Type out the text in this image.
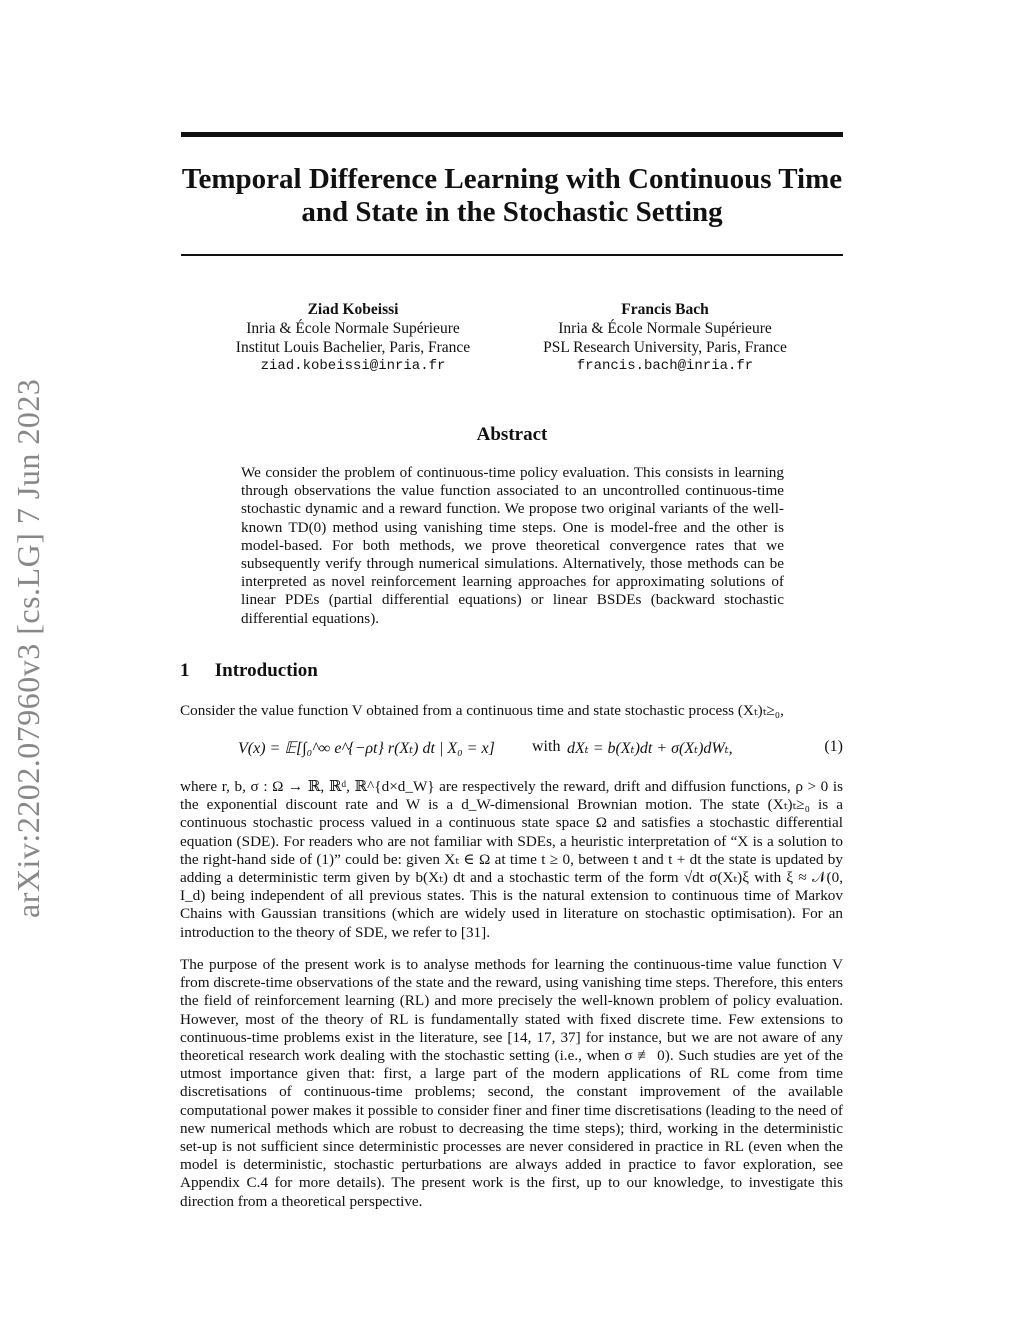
arXiv:2202.07960v3 [cs.LG] 7 Jun 2023
Temporal Difference Learning with Continuous Time
and State in the Stochastic Setting
Ziad Kobeissi
Inria & École Normale Supérieure
Institut Louis Bachelier, Paris, France
ziad.kobeissi@inria.fr
Francis Bach
Inria & École Normale Supérieure
PSL Research University, Paris, France
francis.bach@inria.fr
Abstract
We consider the problem of continuous-time policy evaluation. This consists in learning through observations the value function associated to an uncontrolled continuous-time stochastic dynamic and a reward function. We propose two original variants of the well-known TD(0) method using vanishing time steps. One is model-free and the other is model-based. For both methods, we prove theoretical convergence rates that we subsequently verify through numerical simulations. Alternatively, those methods can be interpreted as novel reinforcement learning approaches for approximating solutions of linear PDEs (partial differential equations) or linear BSDEs (backward stochastic differential equations).
1 Introduction
Consider the value function V obtained from a continuous time and state stochastic process (Xₜ)ₜ≥₀,
V(x) = 𝔼[∫₀^∞ e^{−ρt} r(Xₜ) dt | X₀ = x] with dXₜ = b(Xₜ)dt + σ(Xₜ)dWₜ,	(1)
where r, b, σ : Ω → ℝ, ℝᵈ, ℝ^{d×d_W} are respectively the reward, drift and diffusion functions, ρ > 0 is the exponential discount rate and W is a d_W-dimensional Brownian motion. The state (Xₜ)ₜ≥₀ is a continuous stochastic process valued in a continuous state space Ω and satisfies a stochastic differential equation (SDE). For readers who are not familiar with SDEs, a heuristic interpretation of “X is a solution to the right-hand side of (1)” could be: given Xₜ ∈ Ω at time t ≥ 0, between t and t + dt the state is updated by adding a deterministic term given by b(Xₜ) dt and a stochastic term of the form √dt σ(Xₜ)ξ with ξ ≈ 𝒩(0, I_d) being independent of all previous states. This is the natural extension to continuous time of Markov Chains with Gaussian transitions (which are widely used in literature on stochastic optimisation). For an introduction to the theory of SDE, we refer to [31].
The purpose of the present work is to analyse methods for learning the continuous-time value function V from discrete-time observations of the state and the reward, using vanishing time steps. Therefore, this enters the field of reinforcement learning (RL) and more precisely the well-known problem of policy evaluation. However, most of the theory of RL is fundamentally stated with fixed discrete time. Few extensions to continuous-time problems exist in the literature, see [14, 17, 37] for instance, but we are not aware of any theoretical research work dealing with the stochastic setting (i.e., when σ ≢ 0). Such studies are yet of the utmost importance given that: first, a large part of the modern applications of RL come from time discretisations of continuous-time problems; second, the constant improvement of the available computational power makes it possible to consider finer and finer time discretisations (leading to the need of new numerical methods which are robust to decreasing the time steps); third, working in the deterministic set-up is not sufficient since deterministic processes are never considered in practice in RL (even when the model is deterministic, stochastic perturbations are always added in practice to favor exploration, see Appendix C.4 for more details). The present work is the first, up to our knowledge, to investigate this direction from a theoretical perspective.
